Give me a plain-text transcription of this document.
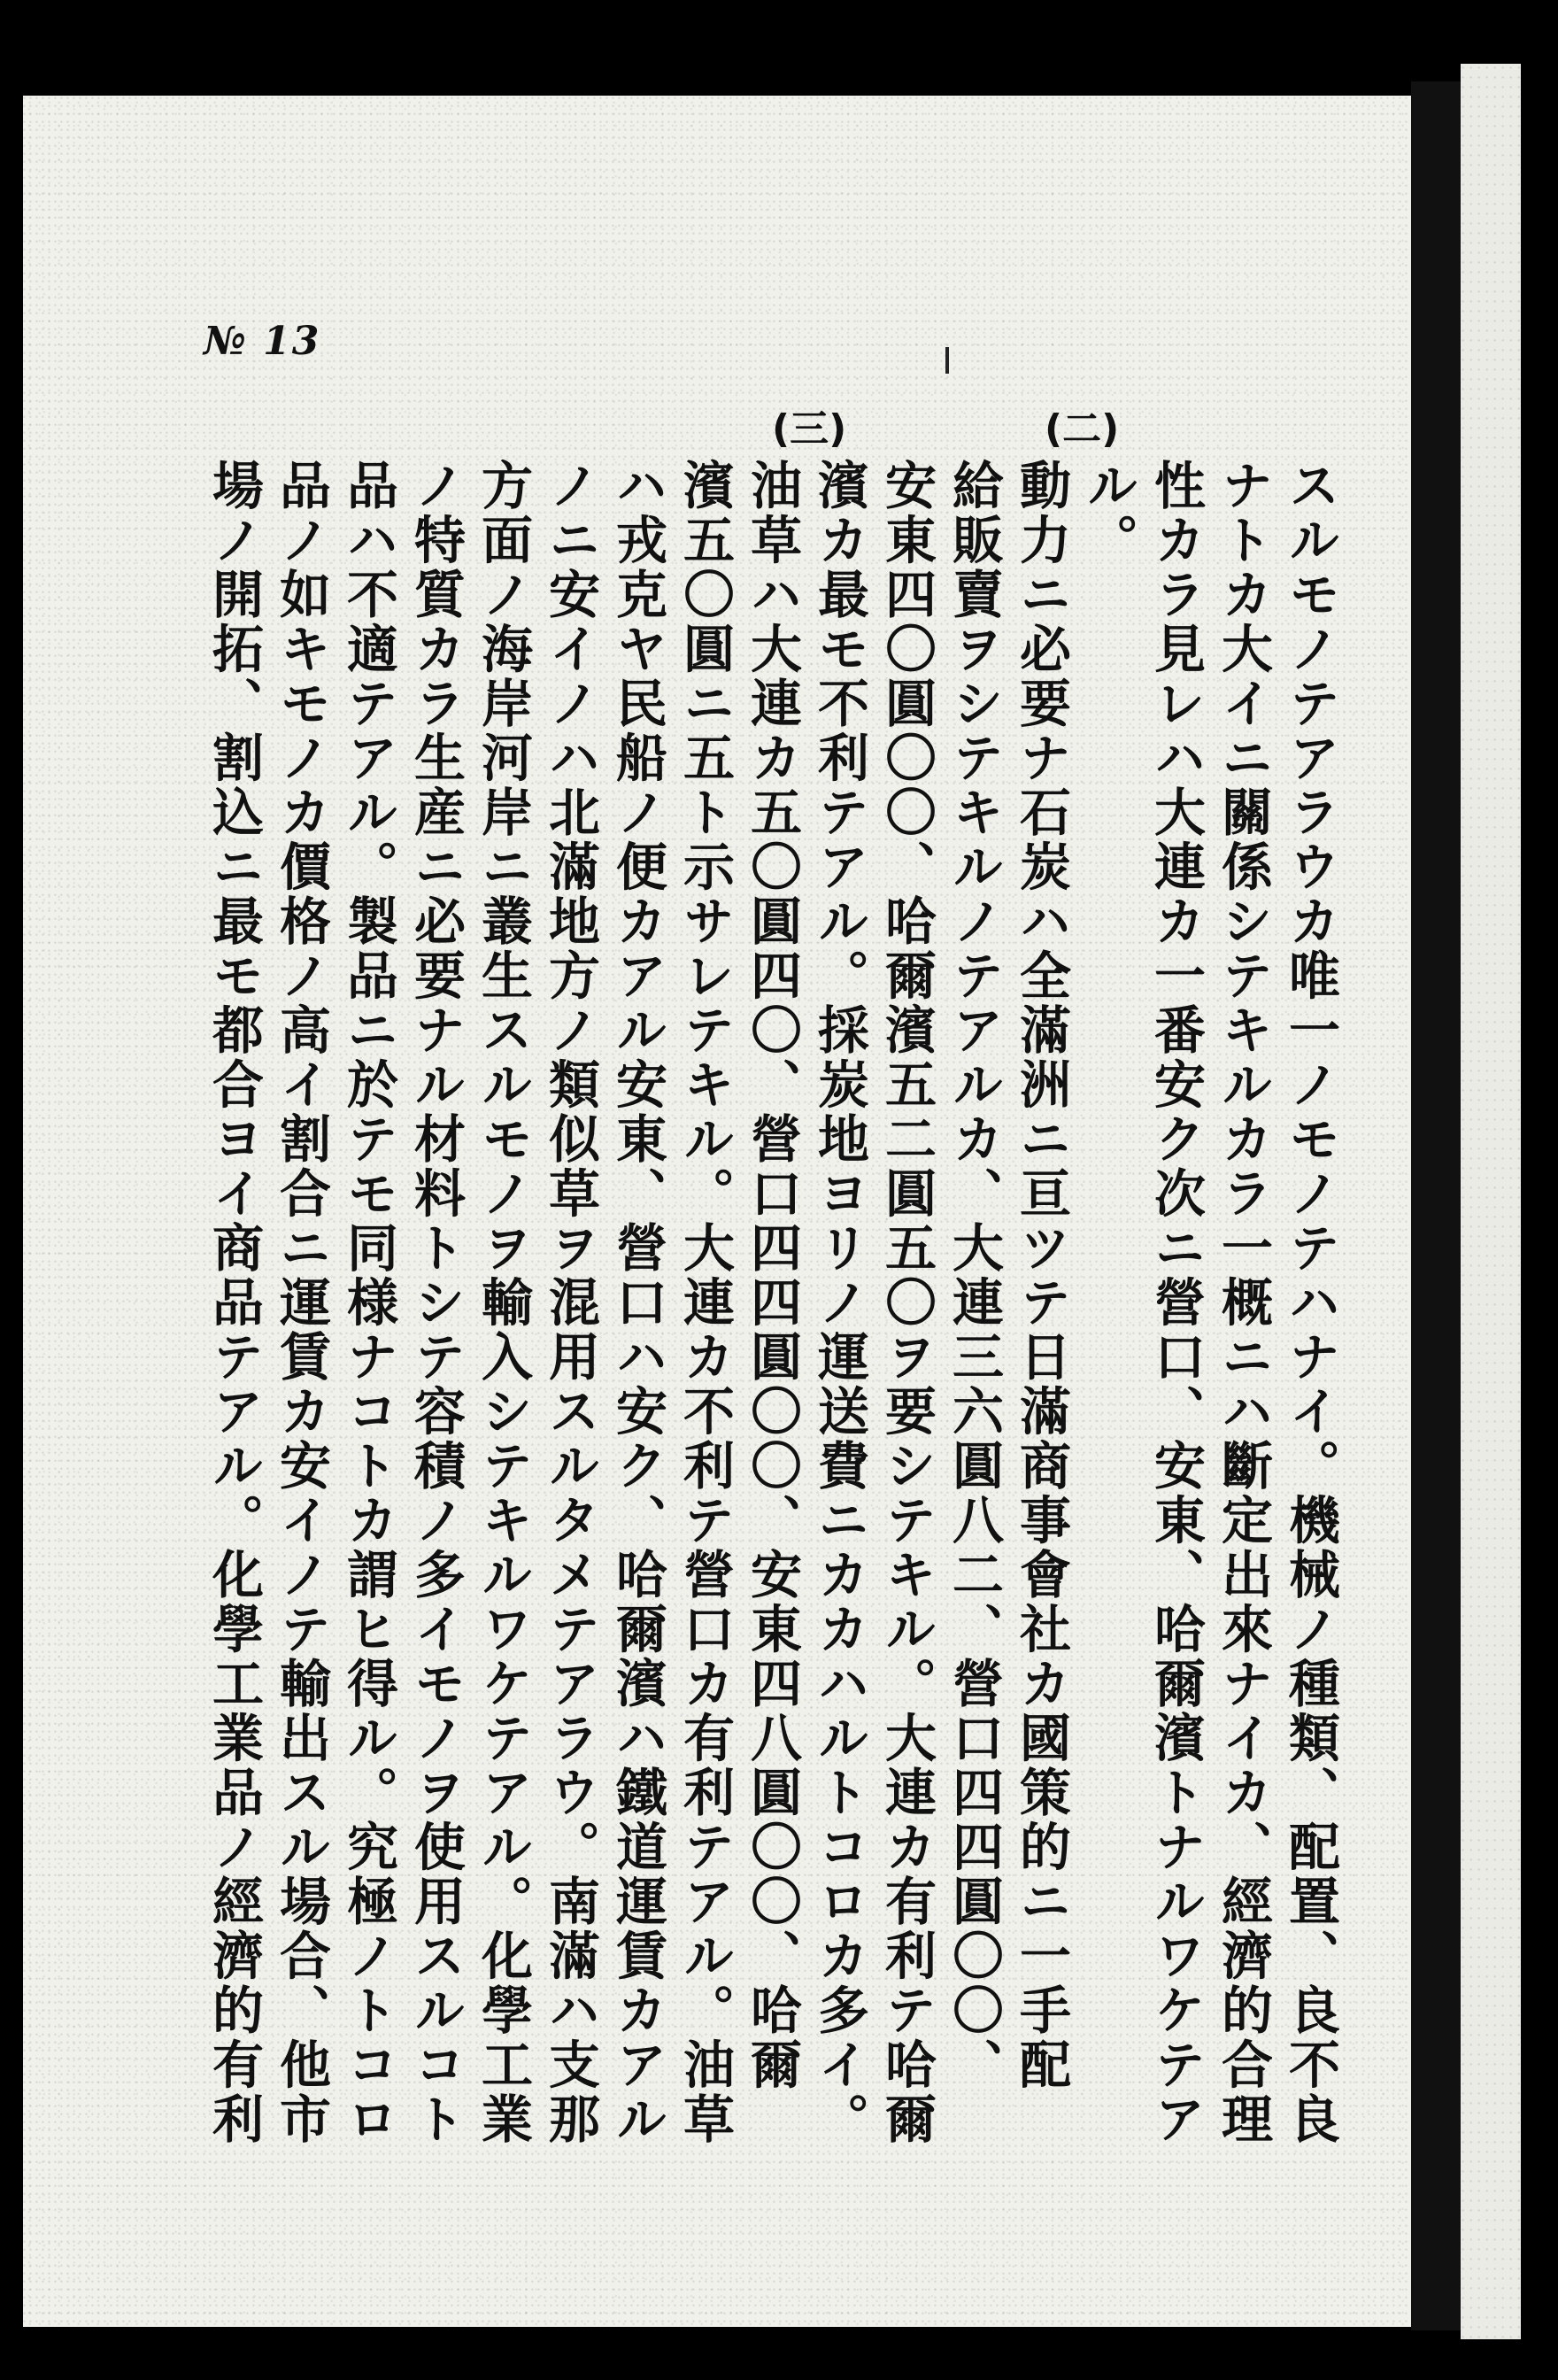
№ 13
(二)
(三)
スルモノテアラウカ唯一ノモノテハナイ。機械ノ種類、配置、良不良
ナトカ大イニ關係シテキルカラ一概ニハ斷定出來ナイカ、經濟的合理
性カラ見レハ大連カ一番安ク次ニ營口、安東、哈爾濱トナルワケテア
ル。
動力ニ必要ナ石炭ハ全滿洲ニ亘ツテ日滿商事會社カ國策的ニ一手配
給販賣ヲシテキルノテアルカ、大連三六圓八二、營口四四圓〇〇、
安東四〇圓〇〇、哈爾濱五二圓五〇ヲ要シテキル。大連カ有利テ哈爾
濱カ最モ不利テアル。採炭地ヨリノ運送費ニカカハルトコロカ多イ。
油草ハ大連カ五〇圓四〇、營口四四圓〇〇、安東四八圓〇〇、哈爾
濱五〇圓ニ五ト示サレテキル。大連カ不利テ營口カ有利テアル。油草
ハ戎克ヤ民船ノ便カアル安東、營口ハ安ク、哈爾濱ハ鐵道運賃カアル
ノニ安イノハ北滿地方ノ類似草ヲ混用スルタメテアラウ。南滿ハ支那
方面ノ海岸河岸ニ叢生スルモノヲ輸入シテキルワケテアル。化學工業
ノ特質カラ生産ニ必要ナル材料トシテ容積ノ多イモノヲ使用スルコト
品ハ不適テアル。製品ニ於テモ同様ナコトカ謂ヒ得ル。究極ノトコロ
品ノ如キモノカ價格ノ高イ割合ニ運賃カ安イノテ輸出スル場合、他市
場ノ開拓、割込ニ最モ都合ヨイ商品テアル。化學工業品ノ經濟的有利
